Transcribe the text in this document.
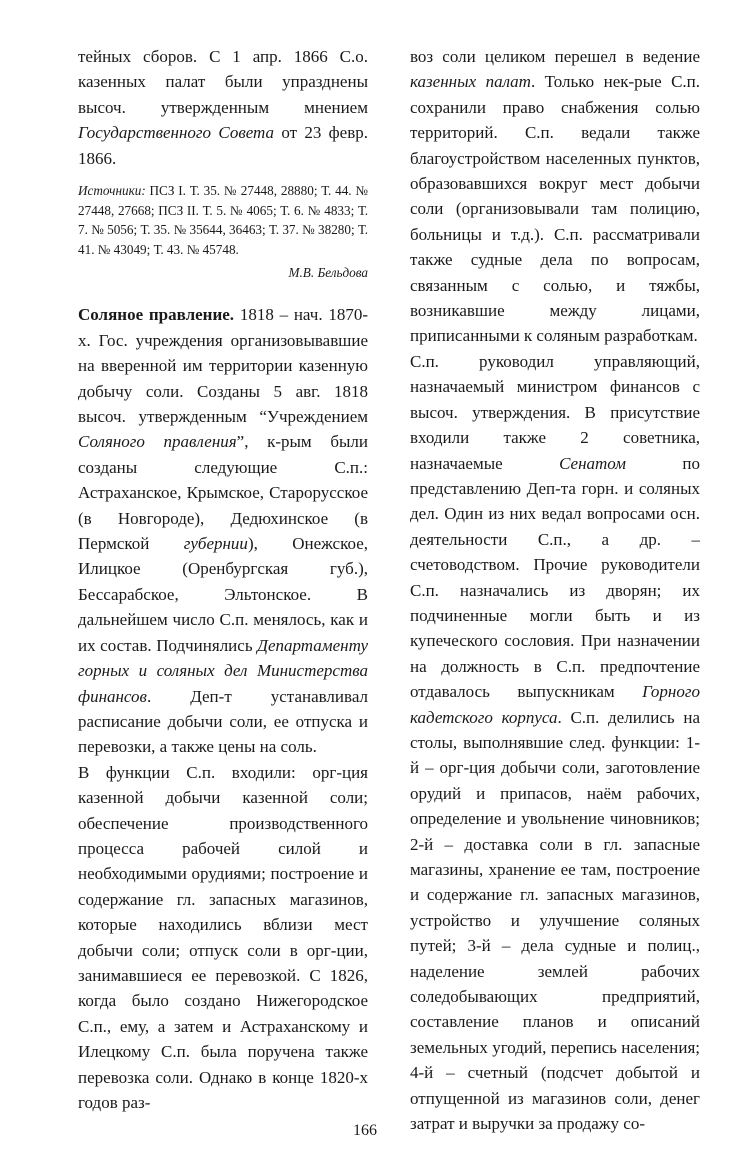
тейных сборов. С 1 апр. 1866 С.о. казенных палат были упразднены высоч. утвержденным мнением Государственного Совета от 23 февр. 1866.

Источники: ПСЗ I. Т. 35. № 27448, 28880; Т. 44. № 27448, 27668; ПСЗ II. Т. 5. № 4065; Т. 6. № 4833; Т. 7. № 5056; Т. 35. № 35644, 36463; Т. 37. № 38280; Т. 41. № 43049; Т. 43. № 45748.

М.В. Бельдова

Соляное правление. 1818 – нач. 1870-х. Гос. учреждения организовывавшие на вверенной им территории казенную добычу соли. Созданы 5 авг. 1818 высоч. утвержденным “Учреждением Соляного правления”, к-рым были созданы следующие С.п.: Астраханское, Крымское, Старорусское (в Новгороде), Дедюхинское (в Пермской губернии), Онежское, Илицкое (Оренбургская губ.), Бессарабское, Эльтонское. В дальнейшем число С.п. менялось, как и их состав. Подчинялись Департаменту горных и соляных дел Министерства финансов. Деп-т устанавливал расписание добычи соли, ее отпуска и перевозки, а также цены на соль.

В функции С.п. входили: орг-ция казенной добычи казенной соли; обеспечение производственного процесса рабочей силой и необходимыми орудиями; построение и содержание гл. запасных магазинов, которые находились вблизи мест добычи соли; отпуск соли в орг-ции, занимавшиеся ее перевозкой. С 1826, когда было создано Нижегородское С.п., ему, а затем и Астраханскому и Илецкому С.п. была поручена также перевозка соли. Однако в конце 1820-х годов раз-

воз соли целиком перешел в ведение казенных палат. Только нек-рые С.п. сохранили право снабжения солью территорий. С.п. ведали также благоустройством населенных пунктов, образовавшихся вокруг мест добычи соли (организовывали там полицию, больницы и т.д.). С.п. рассматривали также судные дела по вопросам, связанным с солью, и тяжбы, возникавшие между лицами, приписанными к соляным разработкам.

С.п. руководил управляющий, назначаемый министром финансов с высоч. утверждения. В присутствие входили также 2 советника, назначаемые Сенатом по представлению Деп-та горн. и соляных дел. Один из них ведал вопросами осн. деятельности С.п., а др. – счетоводством. Прочие руководители С.п. назначались из дворян; их подчиненные могли быть и из купеческого сословия. При назначении на должность в С.п. предпочтение отдавалось выпускникам Горного кадетского корпуса. С.п. делились на столы, выполнявшие след. функции: 1-й – орг-ция добычи соли, заготовление орудий и припасов, наём рабочих, определение и увольнение чиновников; 2-й – доставка соли в гл. запасные магазины, хранение ее там, построение и содержание гл. запасных магазинов, устройство и улучшение соляных путей; 3-й – дела судные и полиц., наделение землей рабочих соледобывающих предприятий, составление планов и описаний земельных угодий, перепись населения; 4-й – счетный (подсчет добытой и отпущенной из магазинов соли, денег затрат и выручки за продажу со-

166
